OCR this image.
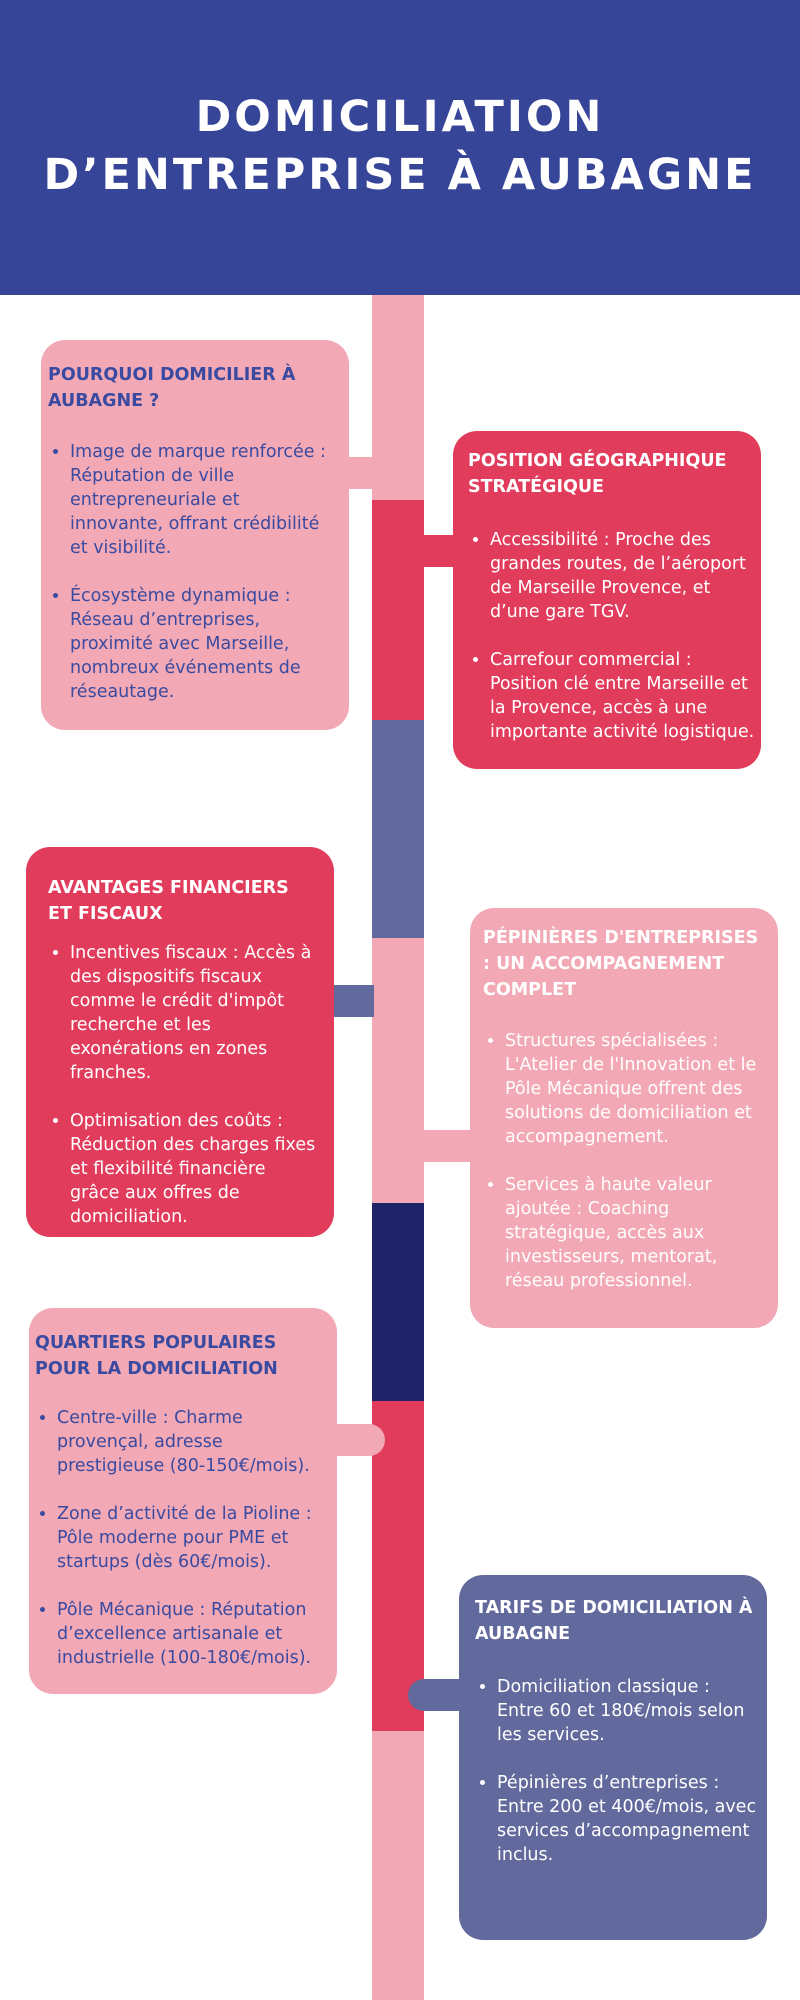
DOMICILIATION
D’ENTREPRISE À AUBAGNE
POURQUOI DOMICILIER À AUBAGNE ?
• Image de marque renforcée : Réputation de ville entrepreneuriale et innovante, offrant crédibilité et visibilité.
• Écosystème dynamique : Réseau d’entreprises, proximité avec Marseille, nombreux événements de réseautage.
POSITION GÉOGRAPHIQUE STRATÉGIQUE
• Accessibilité : Proche des grandes routes, de l’aéroport de Marseille Provence, et d’une gare TGV.
• Carrefour commercial : Position clé entre Marseille et la Provence, accès à une importante activité logistique.
AVANTAGES FINANCIERS ET FISCAUX
• Incentives fiscaux : Accès à des dispositifs fiscaux comme le crédit d'impôt recherche et les exonérations en zones franches.
• Optimisation des coûts : Réduction des charges fixes et flexibilité financière grâce aux offres de domiciliation.
PÉPINIÈRES D'ENTREPRISES : UN ACCOMPAGNEMENT COMPLET
• Structures spécialisées : L'Atelier de l'Innovation et le Pôle Mécanique offrent des solutions de domiciliation et accompagnement.
• Services à haute valeur ajoutée : Coaching stratégique, accès aux investisseurs, mentorat, réseau professionnel.
QUARTIERS POPULAIRES POUR LA DOMICILIATION
• Centre-ville : Charme provençal, adresse prestigieuse (80-150€/mois).
• Zone d’activité de la Pioline : Pôle moderne pour PME et startups (dès 60€/mois).
• Pôle Mécanique : Réputation d’excellence artisanale et industrielle (100-180€/mois).
TARIFS DE DOMICILIATION À AUBAGNE
• Domiciliation classique : Entre 60 et 180€/mois selon les services.
• Pépinières d’entreprises : Entre 200 et 400€/mois, avec services d’accompagnement inclus.
